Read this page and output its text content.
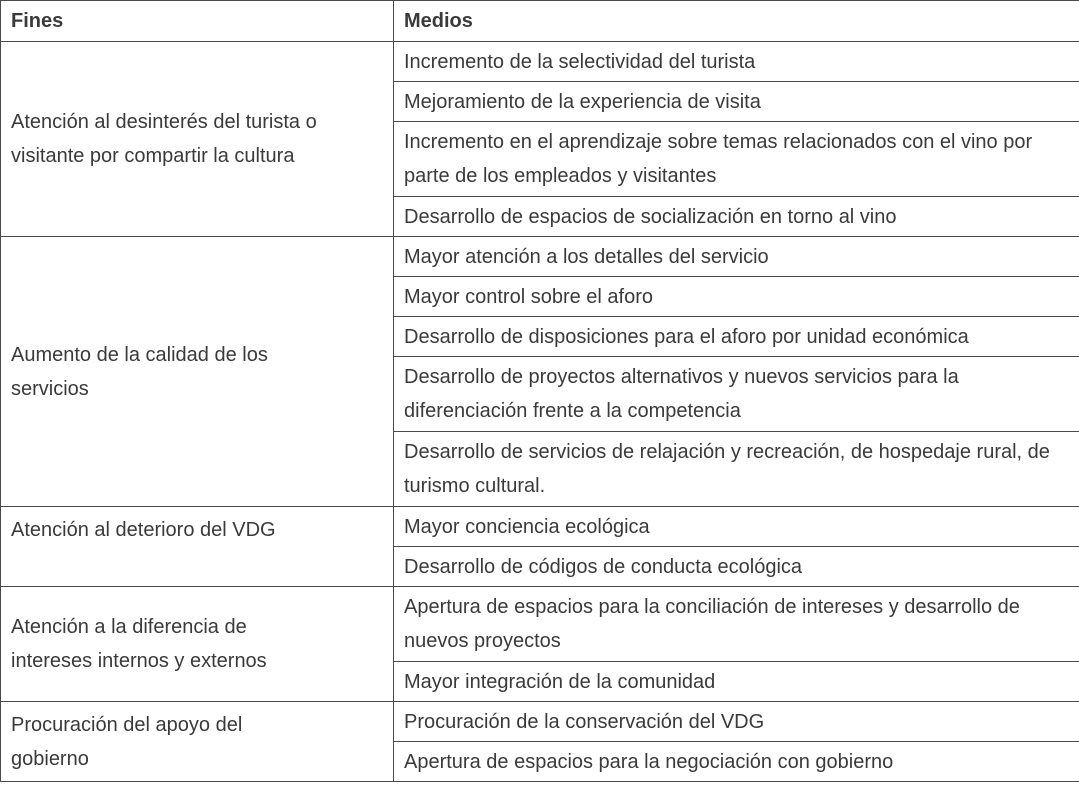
Fines	Medios

Atención al desinterés del turista o visitante por compartir la cultura	Incremento de la selectividad del turista
	Mejoramiento de la experiencia de visita
	Incremento en el aprendizaje sobre temas relacionados con el vino por parte de los empleados y visitantes
	Desarrollo de espacios de socialización en torno al vino

Aumento de la calidad de los servicios	Mayor atención a los detalles del servicio
	Mayor control sobre el aforo
	Desarrollo de disposiciones para el aforo por unidad económica
	Desarrollo de proyectos alternativos y nuevos servicios para la diferenciación frente a la competencia
	Desarrollo de servicios de relajación y recreación, de hospedaje rural, de turismo cultural.
Atención al deterioro del VDG	Mayor conciencia ecológica
	Desarrollo de códigos de conducta ecológica

Atención a la diferencia de intereses internos y externos	Apertura de espacios para la conciliación de intereses y desarrollo de nuevos proyectos
	Mayor integración de la comunidad

Procuración del apoyo del gobierno	Procuración de la conservación del VDG
	Apertura de espacios para la negociación con gobierno
